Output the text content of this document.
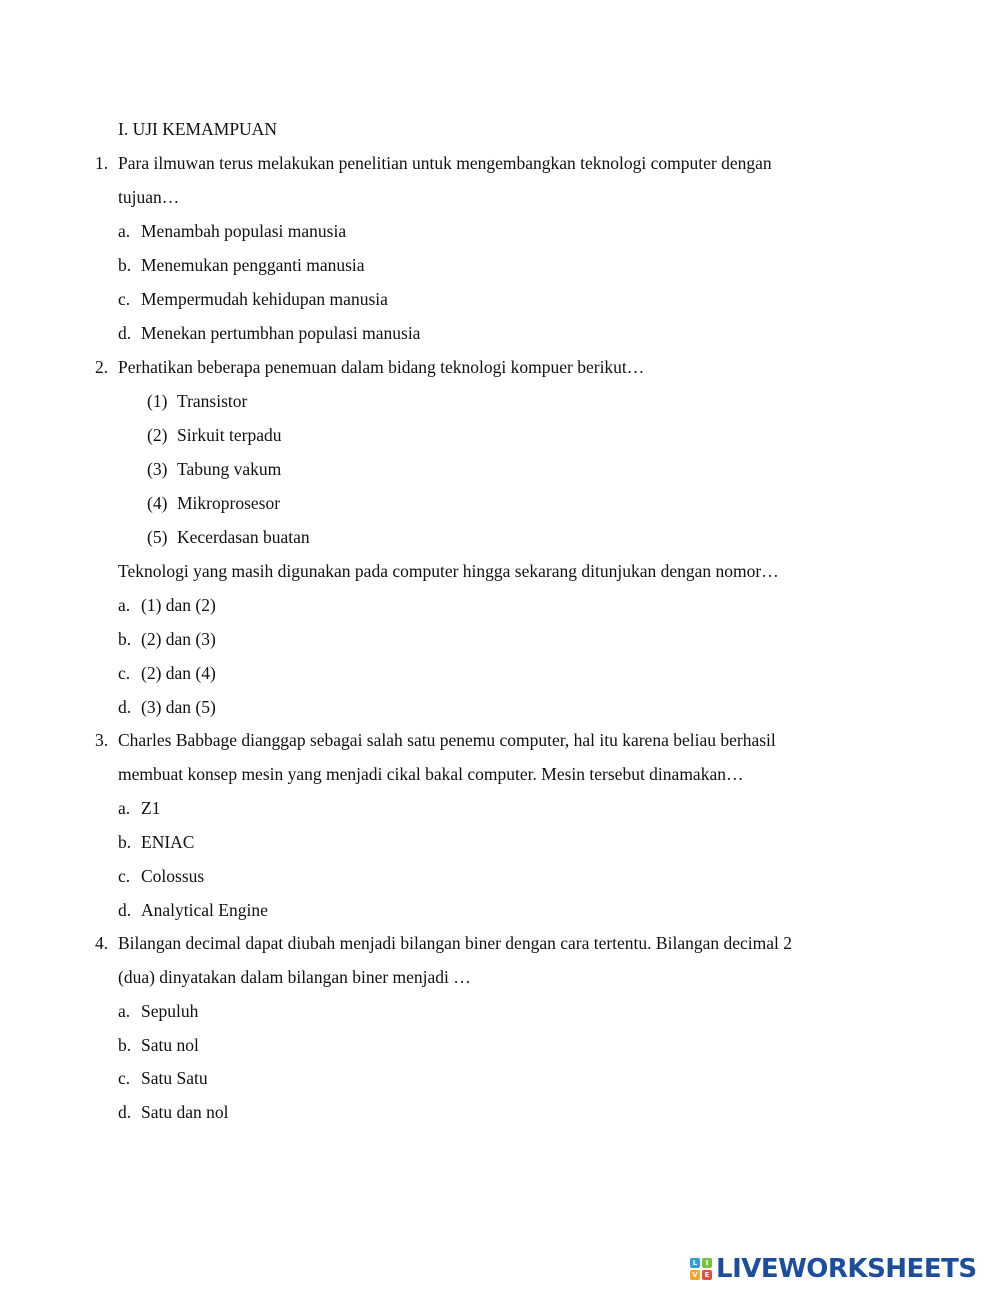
I. UJI KEMAMPUAN
1. Para ilmuwan terus melakukan penelitian untuk mengembangkan teknologi computer dengan
tujuan…
a. Menambah populasi manusia
b. Menemukan pengganti manusia
c. Mempermudah kehidupan manusia
d. Menekan pertumbhan populasi manusia
2. Perhatikan beberapa penemuan dalam bidang teknologi kompuer berikut…
(1) Transistor
(2) Sirkuit terpadu
(3) Tabung vakum
(4) Mikroprosesor
(5) Kecerdasan buatan
Teknologi yang masih digunakan pada computer hingga sekarang ditunjukan dengan nomor…
a. (1) dan (2)
b. (2) dan (3)
c. (2) dan (4)
d. (3) dan (5)
3. Charles Babbage dianggap sebagai salah satu penemu computer, hal itu karena beliau berhasil
membuat konsep mesin yang menjadi cikal bakal computer. Mesin tersebut dinamakan…
a. Z1
b. ENIAC
c. Colossus
d. Analytical Engine
4. Bilangan decimal dapat diubah menjadi bilangan biner dengan cara tertentu. Bilangan decimal 2
(dua) dinyatakan dalam bilangan biner menjadi …
a. Sepuluh
b. Satu nol
c. Satu Satu
d. Satu dan nol
L	I
V E LIVEWORKSHEETS
